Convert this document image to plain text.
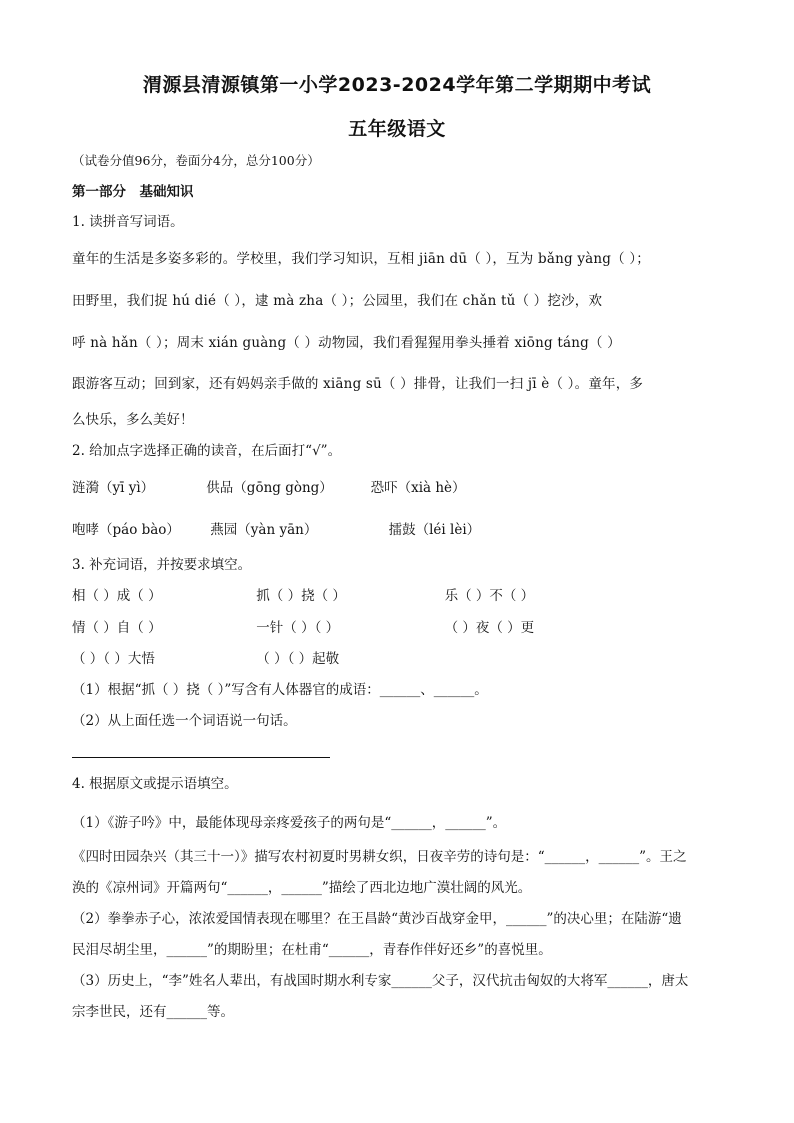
渭源县清源镇第一小学2023-2024学年第二学期期中考试
五年级语文
（试卷分值96分，卷面分4分，总分100分）
第一部分　基础知识
1. 读拼音写词语。
童年的生活是多姿多彩的。学校里，我们学习知识，互相 jiān dū（ ），互为 bǎng yàng（ ）；
田野里，我们捉 hú dié（ ），逮 mà zha（ ）；公园里，我们在 chǎn tǔ（ ）挖沙，欢
呼 nà hǎn（ ）；周末 xián guàng（ ）动物园，我们看猩猩用拳头捶着 xiōng táng（ ）
跟游客互动；回到家，还有妈妈亲手做的 xiāng sū（ ）排骨，让我们一扫 jī è（ ）。童年，多
么快乐，多么美好！
2. 给加点字选择正确的读音，在后面打“√”。
涟漪（yī yì）	供品（gōng gòng）	恐吓（xià hè）
咆哮（páo bào） 燕园（yàn yān）	擂鼓（léi lèi）
3. 补充词语，并按要求填空。
相（ ）成（ ）	抓（ ）挠（ ）	乐（ ）不（ ）
情（ ）自（ ）	一针（ ）（ ）	（ ）夜（ ）更
（ ）（ ）大悟	（ ）（ ）起敬
（1）根据“抓（ ）挠（ ）”写含有人体器官的成语：______、______。
（2）从上面任选一个词语说一句话。
4. 根据原文或提示语填空。
（1）《游子吟》中，最能体现母亲疼爱孩子的两句是“______，______”。
《四时田园杂兴（其三十一）》描写农村初夏时男耕女织，日夜辛劳的诗句是：“______，______”。王之
涣的《凉州词》开篇两句“______，______”描绘了西北边地广漠壮阔的风光。
（2）拳拳赤子心，浓浓爱国情表现在哪里？在王昌龄“黄沙百战穿金甲，______”的决心里；在陆游“遗
民泪尽胡尘里，______”的期盼里；在杜甫“______，青春作伴好还乡”的喜悦里。
（3）历史上，“李”姓名人辈出，有战国时期水利专家______父子，汉代抗击匈奴的大将军______，唐太
宗李世民，还有______等。
